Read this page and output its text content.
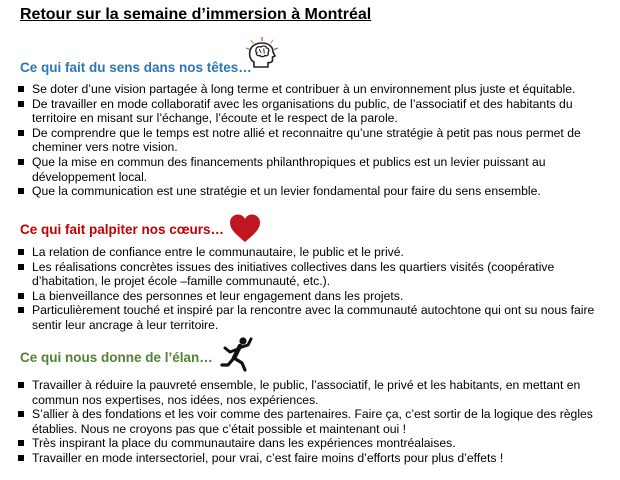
Retour sur la semaine d’immersion à Montréal
Ce qui fait du sens dans nos têtes…
Se doter d’une vision partagée à long terme et contribuer à un environnement plus juste et équitable.
De travailler en mode collaboratif avec les organisations du public, de l’associatif et des habitants du territoire en misant sur l’échange, l’écoute et le respect de la parole.
De comprendre que le temps est notre allié et reconnaitre qu’une stratégie à petit pas nous permet de cheminer vers notre vision.
Que la mise en commun des financements philanthropiques et publics est un levier puissant au développement local.
Que la communication est une stratégie et un levier fondamental pour faire du sens ensemble.
Ce qui fait palpiter nos cœurs…
La relation de confiance entre le communautaire, le public et le privé.
Les réalisations concrètes issues des initiatives collectives dans les quartiers visités (coopérative d’habitation, le projet école –famille communauté, etc.).
La bienveillance des personnes et leur engagement dans les projets.
Particulièrement touché et inspiré par la rencontre avec la communauté autochtone qui ont su nous faire sentir leur ancrage à leur territoire.
Ce qui nous donne de l’élan…
Travailler à réduire la pauvreté ensemble, le public, l’associatif, le privé et les habitants, en mettant en commun nos expertises, nos idées, nos expériences.
S’allier à des fondations et les voir comme des partenaires. Faire ça, c’est sortir de la logique des règles établies. Nous ne croyons pas que c’était possible et maintenant oui !
Très inspirant la place du communautaire dans les expériences montréalaises.
Travailler en mode intersectoriel, pour vrai, c’est faire moins d’efforts pour plus d’effets !
